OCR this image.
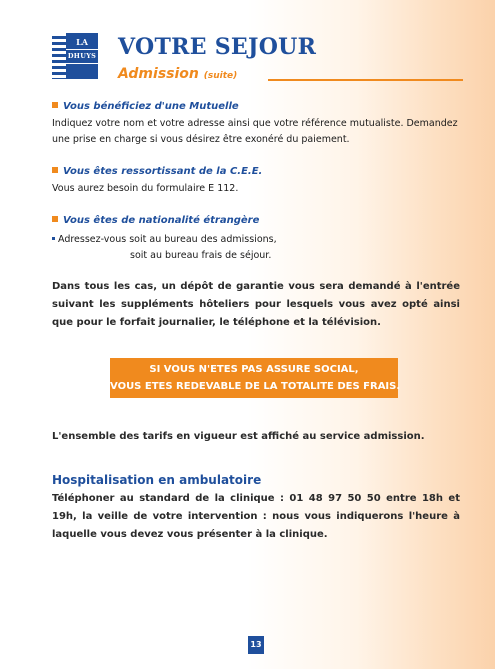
LA
DHUYS VOTRE SEJOUR
Admission (suite)
Vous bénéficiez d'une Mutuelle
Indiquez votre nom et votre adresse ainsi que votre référence mutualiste. Demandez
une prise en charge si vous désirez être exonéré du paiement.
Vous êtes ressortissant de la C.E.E.
Vous aurez besoin du formulaire E 112.
Vous êtes de nationalité étrangère
Adressez-vous soit au bureau des admissions,
soit au bureau frais de séjour.
Dans tous les cas, un dépôt de garantie vous sera demandé à l'entrée suivant les suppléments hôteliers pour lesquels vous avez opté ainsi que pour le forfait journalier, le téléphone et la télévision.
SI VOUS N'ETES PAS ASSURE SOCIAL,
VOUS ETES REDEVABLE DE LA TOTALITE DES FRAIS.
L'ensemble des tarifs en vigueur est affiché au service admission.
Hospitalisation en ambulatoire
Téléphoner au standard de la clinique : 01 48 97 50 50 entre 18h et 19h, la veille de votre intervention : nous vous indiquerons l'heure à laquelle vous devez vous présenter à la clinique.
13
